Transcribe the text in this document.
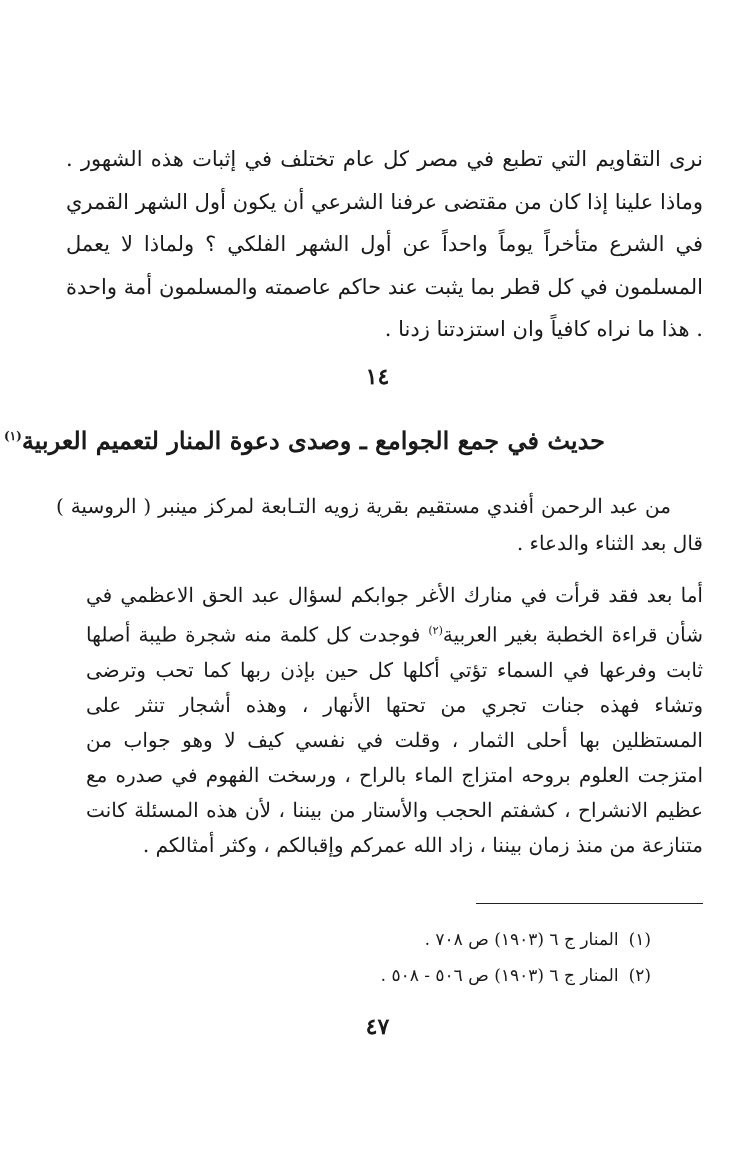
نرى التقاويم التي تطبع في مصر كل عام تختلف في إثبات هذه الشهور . وماذا علينا إذا كان من مقتضى عرفنا الشرعي أن يكون أول الشهر القمري في الشرع متأخراً يوماً واحداً عن أول الشهر الفلكي ؟ ولماذا لا يعمل المسلمون في كل قطر بما يثبت عند حاكم عاصمته والمسلمون أمة واحدة . هذا ما نراه كافياً وان استزدتنا زدنا .

١٤

حديث في جمع الجوامع ـ وصدى دعوة المنار لتعميم العربية$^{(١)}$

من عبد الرحمن أفندي مستقيم بقرية زويه التـابعة لمركز مينبر ( الروسية ) قال بعد الثناء والدعاء .

أما بعد فقد قرأت في منارك الأغر جوابكم لسؤال عبد الحق الاعظمي في شأن قراءة الخطبة بغير العربية$^{(٢)}$ فوجدت كل كلمة منه شجرة طيبة أصلها ثابت وفرعها في السماء تؤتي أكلها كل حين بإذن ربها كما تحب وترضى وتشاء فهذه جنات تجري من تحتها الأنهار ، وهذه أشجار تنثر على المستظلين بها أحلى الثمار ، وقلت في نفسي كيف لا وهو جواب من امتزجت العلوم بروحه امتزاج الماء بالراح ، ورسخت الفهوم في صدره مع عظيم الانشراح ، كشفتم الحجب والأستار من بيننا ، لأن هذه المسئلة كانت متنازعة من منذ زمان بيننا ، زاد الله عمركم وإقبالكم ، وكثر أمثالكم .

(١)المنار ج ٦ (١٩٠٣) ص ٧٠٨ .
(٢)المنار ج ٦ (١٩٠٣) ص ٥٠٦ - ٥٠٨ .

٤٧
